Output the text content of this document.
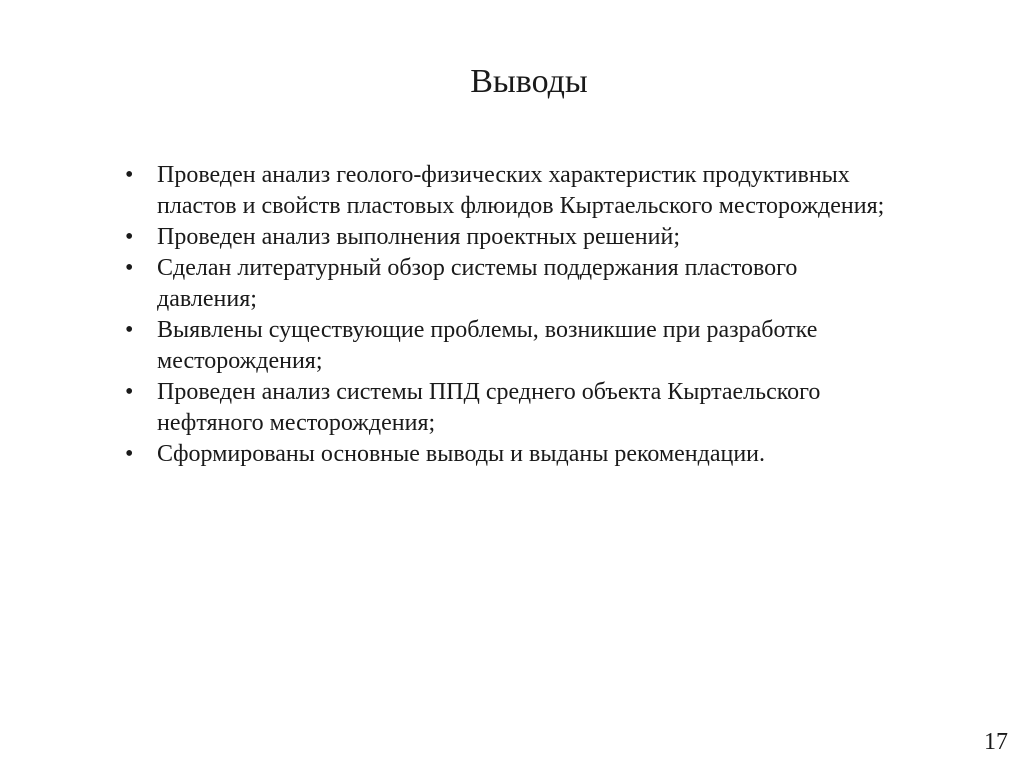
Выводы
• Проведен анализ геолого-физических характеристик продуктивных пластов и свойств пластовых флюидов Кыртаельского месторождения;
• Проведен анализ выполнения проектных решений;
• Сделан литературный обзор системы поддержания пластового давления;
• Выявлены существующие проблемы, возникшие при разработке месторождения;
• Проведен анализ системы ППД среднего объекта Кыртаельского нефтяного месторождения;
• Сформированы основные выводы и выданы рекомендации.
17
